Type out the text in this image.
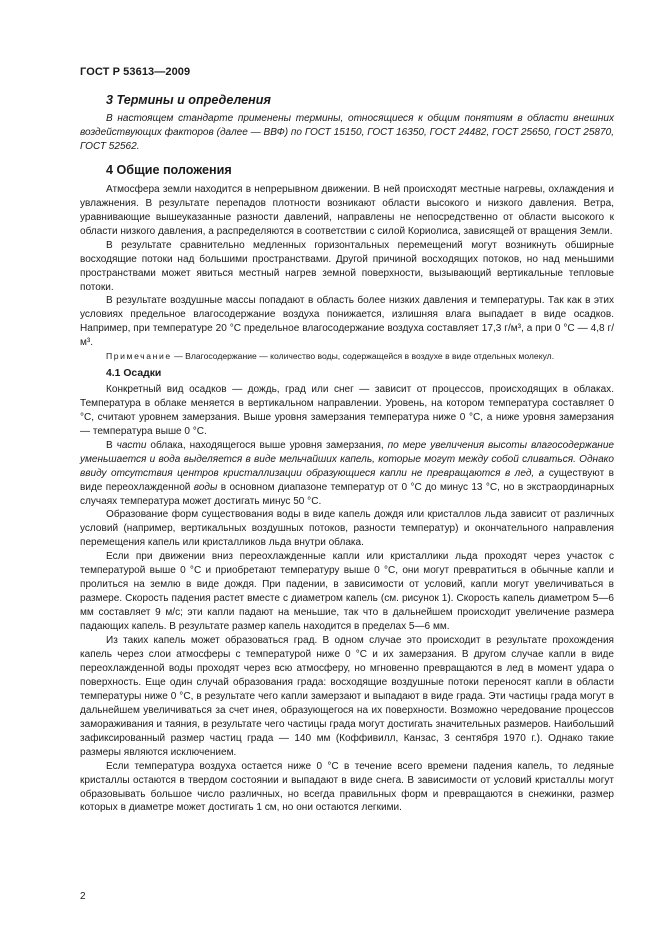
ГОСТ Р 53613—2009
3 Термины и определения

В настоящем стандарте применены термины, относящиеся к общим понятиям в области внешних воздействующих факторов (далее — ВВФ) по ГОСТ 15150, ГОСТ 16350, ГОСТ 24482, ГОСТ 25650, ГОСТ 25870, ГОСТ 52562.

4 Общие положения

Атмосфера земли находится в непрерывном движении. В ней происходят местные нагревы, охлаждения и увлажнения. В результате перепадов плотности возникают области высокого и низкого давления. Ветра, уравнивающие вышеуказанные разности давлений, направлены не непосредственно от области высокого к области низкого давления, а распределяются в соответствии с силой Кориолиса, зависящей от вращения Земли.

В результате сравнительно медленных горизонтальных перемещений могут возникнуть обширные восходящие потоки над большими пространствами. Другой причиной восходящих потоков, но над меньшими пространствами может явиться местный нагрев земной поверхности, вызывающий вертикальные тепловые потоки.

В результате воздушные массы попадают в область более низких давления и температуры. Так как в этих условиях предельное влагосодержание воздуха понижается, излишняя влага выпадает в виде осадков. Например, при температуре 20 °С предельное влагосодержание воздуха составляет 17,3 г/м³, а при 0 °С — 4,8 г/м³.

Примечание — Влагосодержание — количество воды, содержащейся в воздухе в виде отдельных молекул.

4.1 Осадки

Конкретный вид осадков — дождь, град или снег — зависит от процессов, происходящих в облаках. Температура в облаке меняется в вертикальном направлении. Уровень, на котором температура составляет 0 °С, считают уровнем замерзания. Выше уровня замерзания температура ниже 0 °С, а ниже уровня замерзания — температура выше 0 °С.

В части облака, находящегося выше уровня замерзания, по мере увеличения высоты влагосодержание уменьшается и вода выделяется в виде мельчайших капель, которые могут между собой сливаться. Однако ввиду отсутствия центров кристаллизации образующиеся капли не превращаются в лед, а существуют в виде переохлажденной воды в основном диапазоне температур от 0 °С до минус 13 °С, но в экстраординарных случаях температура может достигать минус 50 °С.

Образование форм существования воды в виде капель дождя или кристаллов льда зависит от различных условий (например, вертикальных воздушных потоков, разности температур) и окончательного направления перемещения капель или кристалликов льда внутри облака.

Если при движении вниз переохлажденные капли или кристаллики льда проходят через участок с температурой выше 0 °С и приобретают температуру выше 0 °С, они могут превратиться в обычные капли и пролиться на землю в виде дождя. При падении, в зависимости от условий, капли могут увеличиваться в размере. Скорость падения растет вместе с диаметром капель (см. рисунок 1). Скорость капель диаметром 5—6 мм составляет 9 м/с; эти капли падают на меньшие, так что в дальнейшем происходит увеличение размера падающих капель. В результате размер капель находится в пределах 5—6 мм.

Из таких капель может образоваться град. В одном случае это происходит в результате прохождения капель через слои атмосферы с температурой ниже 0 °С и их замерзания. В другом случае капли в виде переохлажденной воды проходят через всю атмосферу, но мгновенно превращаются в лед в момент удара о поверхность. Еще один случай образования града: восходящие воздушные потоки переносят капли в области температуры ниже 0 °С, в результате чего капли замерзают и выпадают в виде града. Эти частицы града могут в дальнейшем увеличиваться за счет инея, образующегося на их поверхности. Возможно чередование процессов замораживания и таяния, в результате чего частицы града могут достигать значительных размеров. Наибольший зафиксированный размер частиц града — 140 мм (Коффивилл, Канзас, 3 сентября 1970 г.). Однако такие размеры являются исключением.

Если температура воздуха остается ниже 0 °С в течение всего времени падения капель, то ледяные кристаллы остаются в твердом состоянии и выпадают в виде снега. В зависимости от условий кристаллы могут образовывать большое число различных, но всегда правильных форм и превращаются в снежинки, размер которых в диаметре может достигать 1 см, но они остаются легкими.

2
